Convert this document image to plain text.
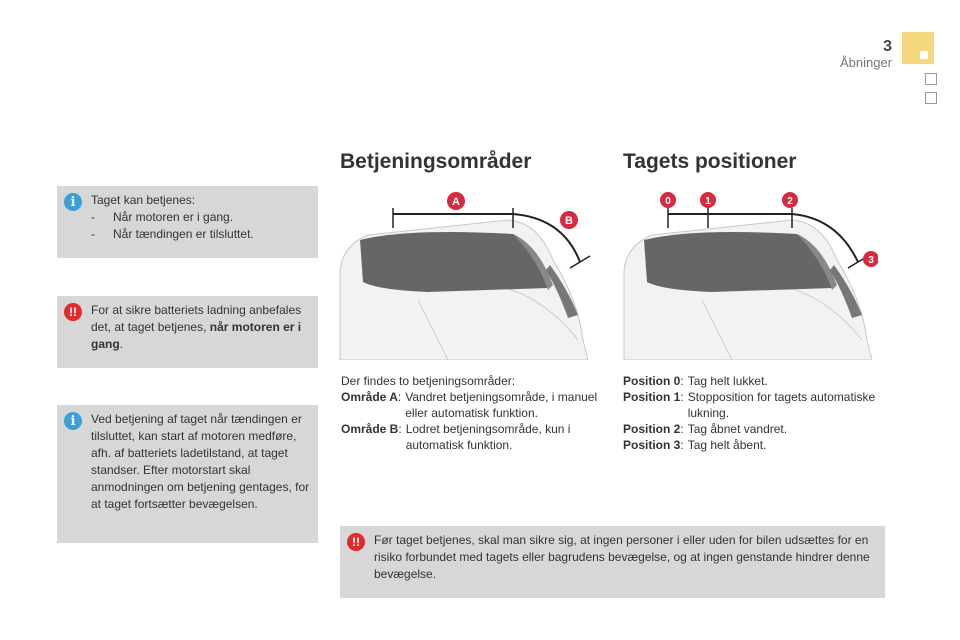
3
Åbninger
Betjeningsområder	Tagets positioner
i
Taget kan betjenes:
-	Når motoren er i gang.
-	Når tændingen er tilsluttet.
!!
For at sikre batteriets ladning anbefales det, at taget betjenes, når motoren er i gang.
i
Ved betjening af taget når tændingen er tilsluttet, kan start af motoren medføre, afh. af batteriets ladetilstand, at taget standser. Efter motorstart skal anmodningen om betjening gentages, for at taget fortsætter bevægelsen.
!!
Før taget betjenes, skal man sikre sig, at ingen personer i eller uden for bilen udsættes for en risiko forbundet med tagets eller bagrudens bevægelse, og at ingen genstande hindrer denne bevægelse.
A
B
0	1	2
3
Der findes to betjeningsområder:
Område A: Vandret betjeningsområde, i manuel eller automatisk funktion.
Område B: Lodret betjeningsområde, kun i automatisk funktion.
Position 0: Tag helt lukket.
Position 1: Stopposition for tagets automatiske lukning.
Position 2: Tag åbnet vandret.
Position 3: Tag helt åbent.
